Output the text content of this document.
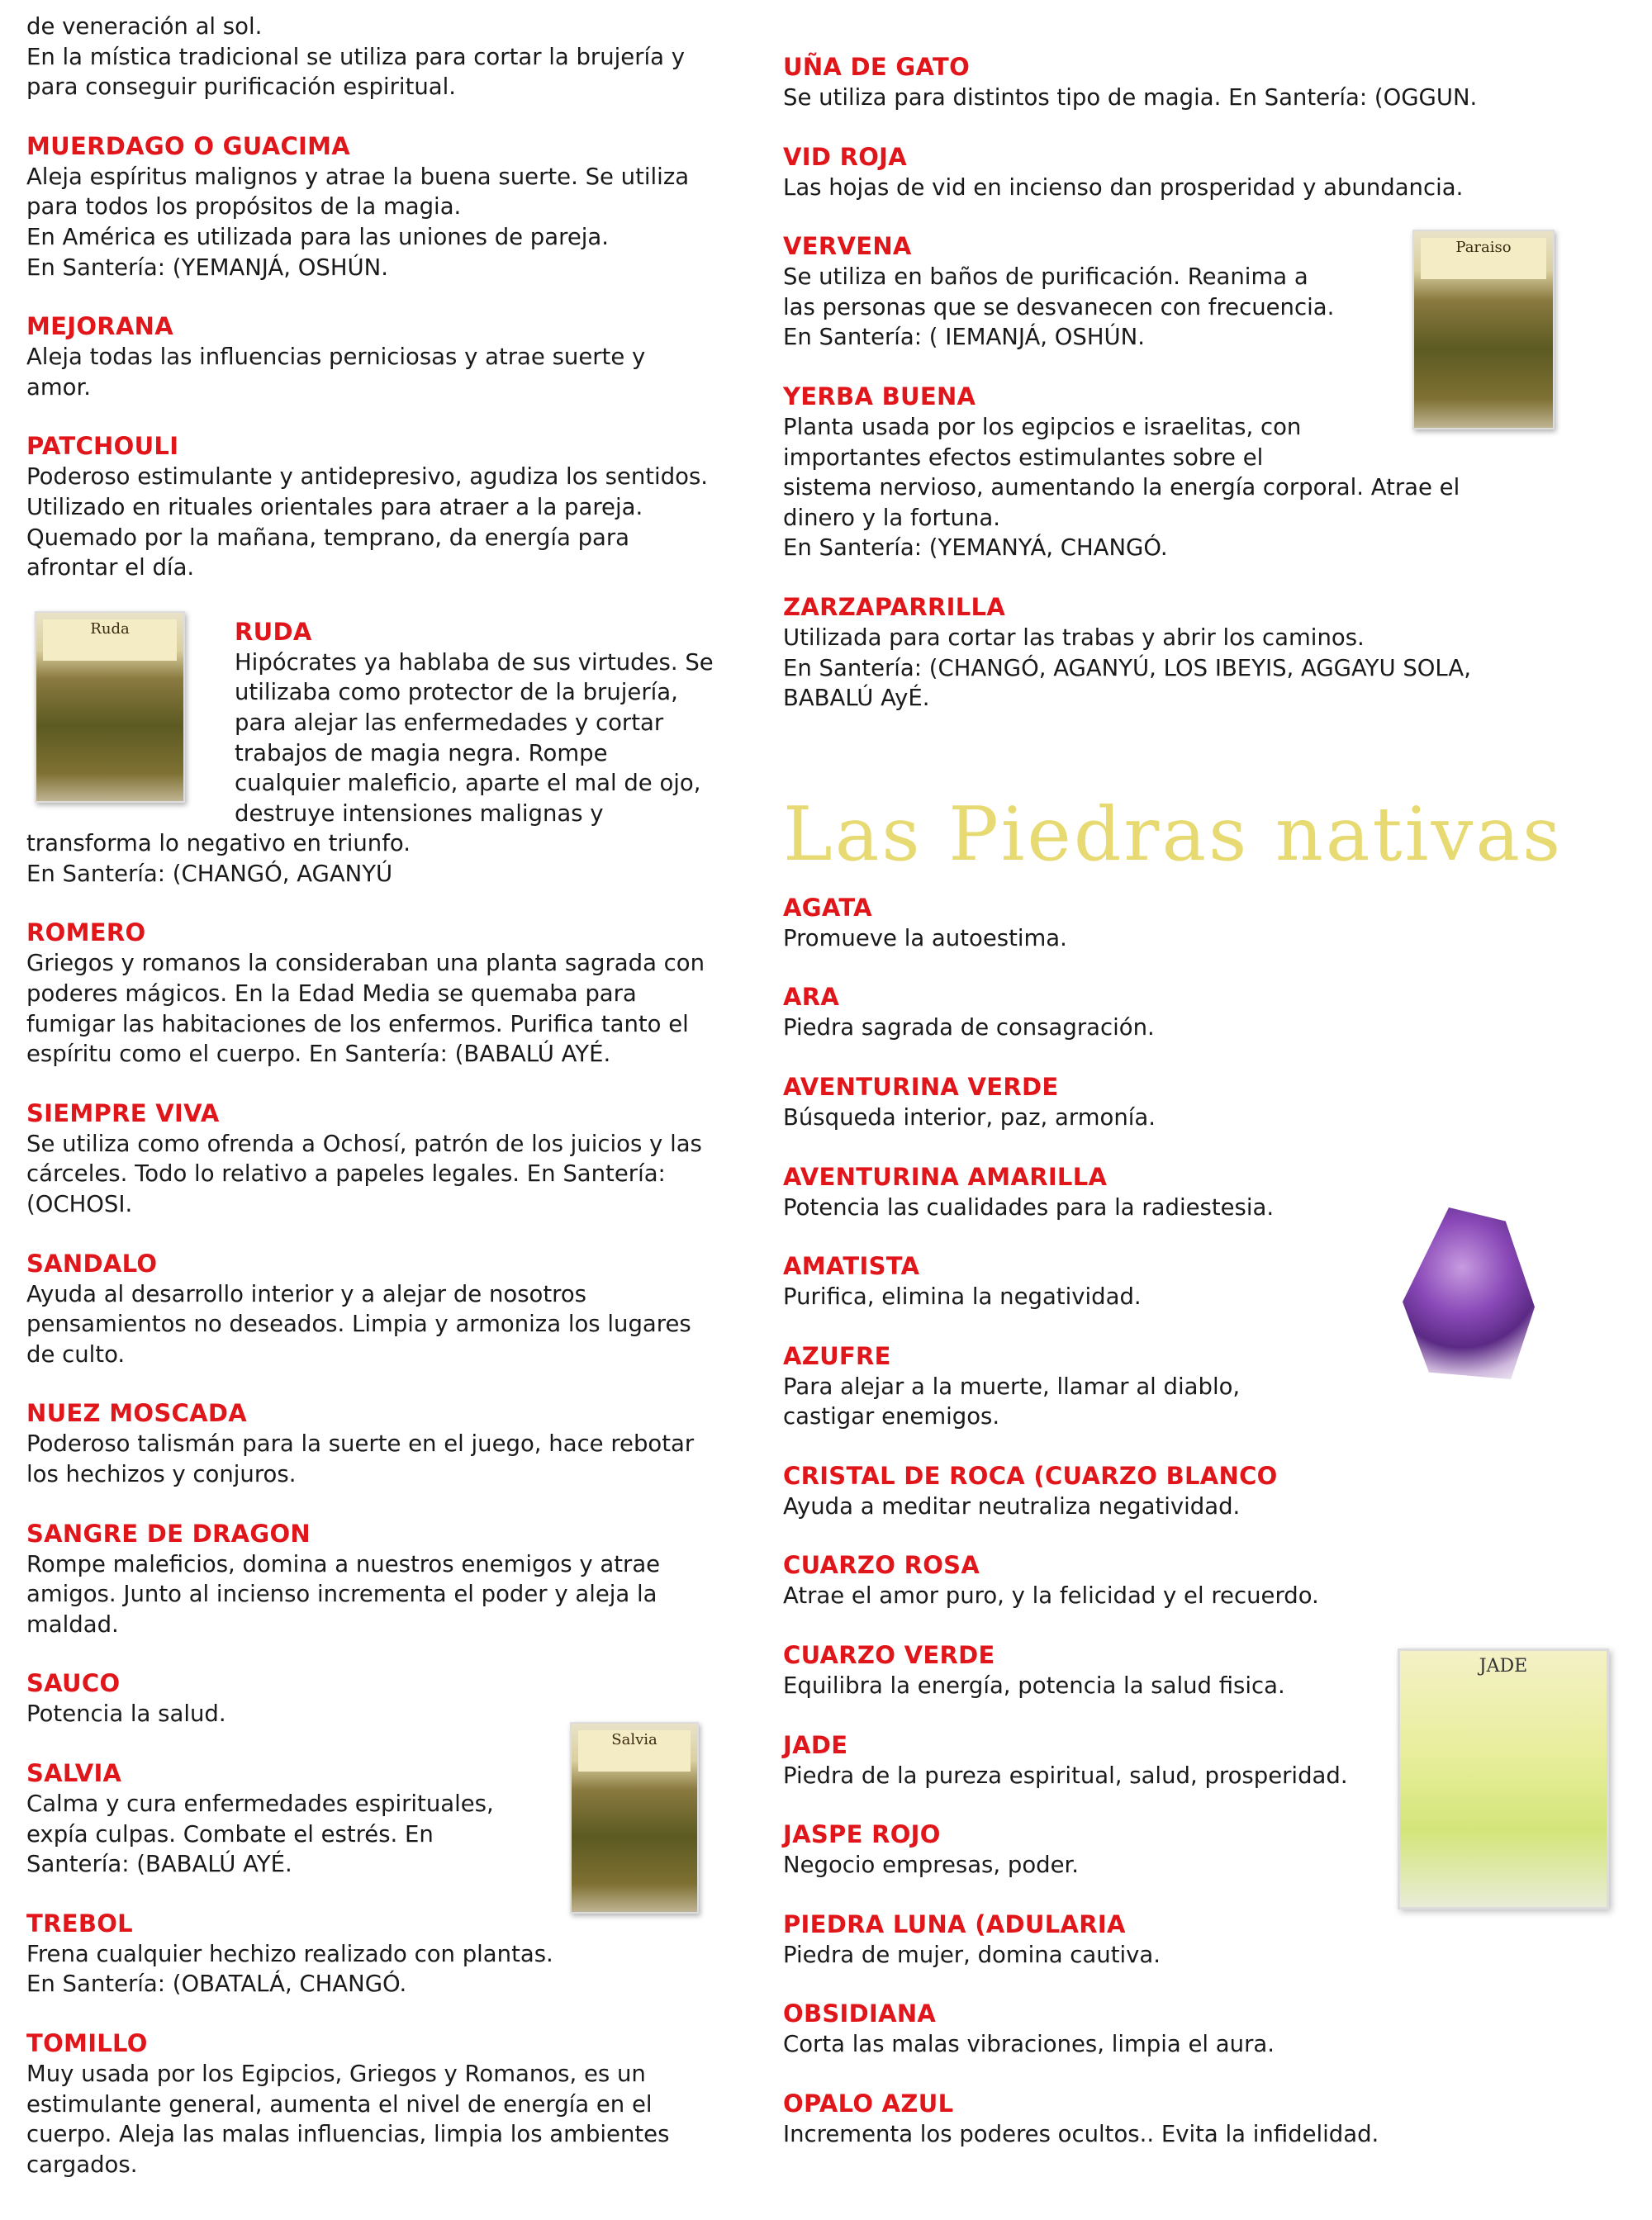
de veneración al sol.
En la mística tradicional se utiliza para cortar la brujería y
para conseguir purificación espiritual.
MUERDAGO O GUACIMA
Aleja espíritus malignos y atrae la buena suerte. Se utiliza
para todos los propósitos de la magia.
En América es utilizada para las uniones de pareja.
En Santería: (YEMANJÁ, OSHÚN.
MEJORANA
Aleja todas las influencias perniciosas y atrae suerte y
amor.
PATCHOULI
Poderoso estimulante y antidepresivo, agudiza los sentidos.
Utilizado en rituales orientales para atraer a la pareja.
Quemado por la mañana, temprano, da energía para
afrontar el día.
RUDA
Hipócrates ya hablaba de sus virtudes. Se
utilizaba como protector de la brujería,
para alejar las enfermedades y cortar
trabajos de magia negra. Rompe
cualquier maleficio, aparte el mal de ojo,
destruye intensiones malignas y
transforma lo negativo en triunfo.
En Santería: (CHANGÓ, AGANYÚ
ROMERO
Griegos y romanos la consideraban una planta sagrada con
poderes mágicos. En la Edad Media se quemaba para
fumigar las habitaciones de los enfermos. Purifica tanto el
espíritu como el cuerpo. En Santería: (BABALÚ AYÉ.
SIEMPRE VIVA
Se utiliza como ofrenda a Ochosí, patrón de los juicios y las
cárceles. Todo lo relativo a papeles legales. En Santería:
(OCHOSI.
SANDALO
Ayuda al desarrollo interior y a alejar de nosotros
pensamientos no deseados. Limpia y armoniza los lugares
de culto.
NUEZ MOSCADA
Poderoso talismán para la suerte en el juego, hace rebotar
los hechizos y conjuros.
SANGRE DE DRAGON
Rompe maleficios, domina a nuestros enemigos y atrae
amigos. Junto al incienso incrementa el poder y aleja la
maldad.
SAUCO
Potencia la salud.
SALVIA
Calma y cura enfermedades espirituales,
expía culpas. Combate el estrés. En
Santería: (BABALÚ AYÉ.
TREBOL
Frena cualquier hechizo realizado con plantas.
En Santería: (OBATALÁ, CHANGÓ.
TOMILLO
Muy usada por los Egipcios, Griegos y Romanos, es un
estimulante general, aumenta el nivel de energía en el
cuerpo. Aleja las malas influencias, limpia los ambientes
cargados.
UÑA DE GATO
Se utiliza para distintos tipo de magia. En Santería: (OGGUN.
VID ROJA
Las hojas de vid en incienso dan prosperidad y abundancia.
VERVENA
Se utiliza en baños de purificación. Reanima a
las personas que se desvanecen con frecuencia.
En Santería: ( IEMANJÁ, OSHÚN.
YERBA BUENA
Planta usada por los egipcios e israelitas, con
importantes efectos estimulantes sobre el
sistema nervioso, aumentando la energía corporal. Atrae el
dinero y la fortuna.
En Santería: (YEMANYÁ, CHANGÓ.
ZARZAPARRILLA
Utilizada para cortar las trabas y abrir los caminos.
En Santería: (CHANGÓ, AGANYÚ, LOS IBEYIS, AGGAYU SOLA,
BABALÚ AyÉ.
Las Piedras nativas
AGATA
Promueve la autoestima.
ARA
Piedra sagrada de consagración.
AVENTURINA VERDE
Búsqueda interior, paz, armonía.
AVENTURINA AMARILLA
Potencia las cualidades para la radiestesia.
AMATISTA
Purifica, elimina la negatividad.
AZUFRE
Para alejar a la muerte, llamar al diablo,
castigar enemigos.
CRISTAL DE ROCA (CUARZO BLANCO
Ayuda a meditar neutraliza negatividad.
CUARZO ROSA
Atrae el amor puro, y la felicidad y el recuerdo.
CUARZO VERDE
Equilibra la energía, potencia la salud fisica.
JADE
Piedra de la pureza espiritual, salud, prosperidad.
JASPE ROJO
Negocio empresas, poder.
PIEDRA LUNA (ADULARIA
Piedra de mujer, domina cautiva.
OBSIDIANA
Corta las malas vibraciones, limpia el aura.
OPALO AZUL
Incrementa los poderes ocultos.. Evita la infidelidad.
Ruda
Salvia
Paraiso
JADE
